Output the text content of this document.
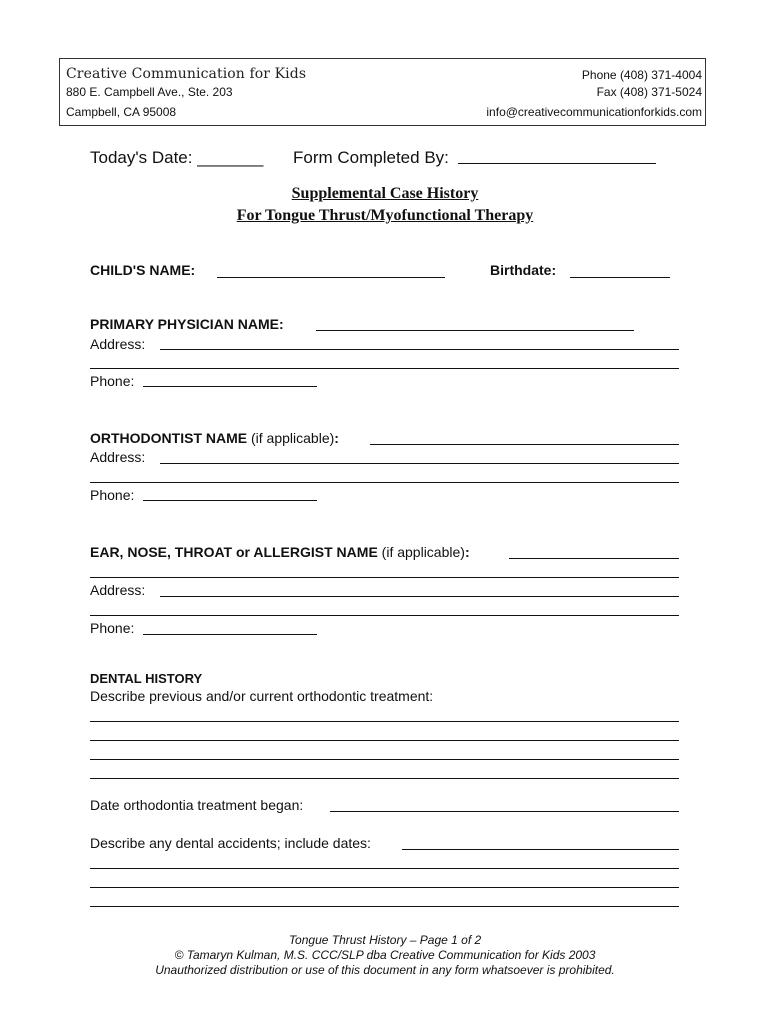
Creative Communication for Kids
880 E. Campbell Ave., Ste. 203
Campbell, CA 95008
Phone (408) 371-4004
Fax (408) 371-5024
info@creativecommunicationforkids.com
Today's Date: _______ Form Completed By:
Supplemental Case History
For Tongue Thrust/Myofunctional Therapy
CHILD'S NAME:	Birthdate:
PRIMARY PHYSICIAN NAME:
Address:
Phone:
ORTHODONTIST NAME (if applicable):
Address:
Phone:
EAR, NOSE, THROAT or ALLERGIST NAME (if applicable):
Address:
Phone:
DENTAL HISTORY
Describe previous and/or current orthodontic treatment:
Date orthodontia treatment began:
Describe any dental accidents; include dates:
Tongue Thrust History – Page 1 of 2
© Tamaryn Kulman, M.S. CCC/SLP dba Creative Communication for Kids 2003
Unauthorized distribution or use of this document in any form whatsoever is prohibited.
